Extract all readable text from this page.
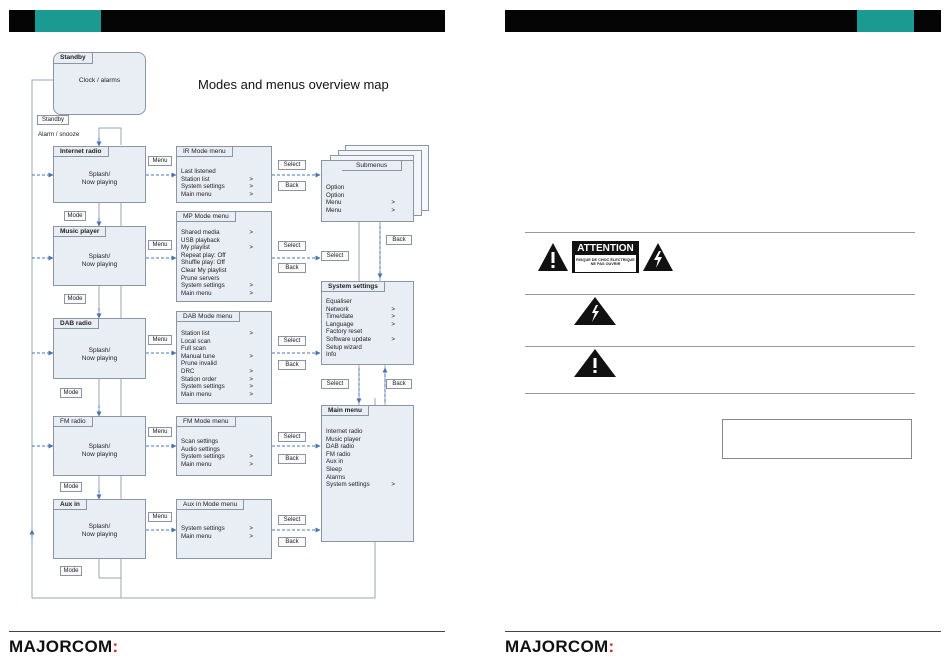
Standby
Clock / alarms	Modes and menus overview map
Standby
Alarm / snooze
Internet radio
Splash/
Now playing
Mode
Music player
Splash/
Now playing
Mode
DAB radio
Splash/
Now playing
Mode
FM radio
Splash/
Now playing
Mode
Aux in
Splash/
Now playing
Mode
Menu
Menu
Menu
Menu
Menu
IR Mode menu
Last listened
Station list	>
System settings	>
Main menu	>
MP Mode menu
Shared media	>
USB playback
My playlist	>
Repeat play: Off
Shuffle play: Off
Clear My playlist
Prune servers
System settings	>
Main menu	>
DAB Mode menu
Station list	>
Local scan
Full scan
Manual tune	>
Prune invalid
DRC	>
Station order	>
System settings	>
Main menu	>
FM Mode menu
Scan settings
Audio settings
System settings	>
Main menu	>
Aux in Mode menu
System settings	>
Main menu	>
Select
Back
Select
Back
Select
Back
Select
Back
Select
Back
Submenus
Option
Option
Menu	>
Menu	>
Back
Select
System settings
Equaliser
Network	>
Time/date	>
Language	>
Factory reset
Software update	>
Setup wizard
Info
Select	Back
Main menu
Internet radio
Music player
DAB radio
FM radio
Aux in
Sleep
Alarms
System settings	>
MAJORCOM:
ATTENTION
RISQUE DE CHOC ÉLECTRIQUE
NE PAS OUVRIR
MAJORCOM:
